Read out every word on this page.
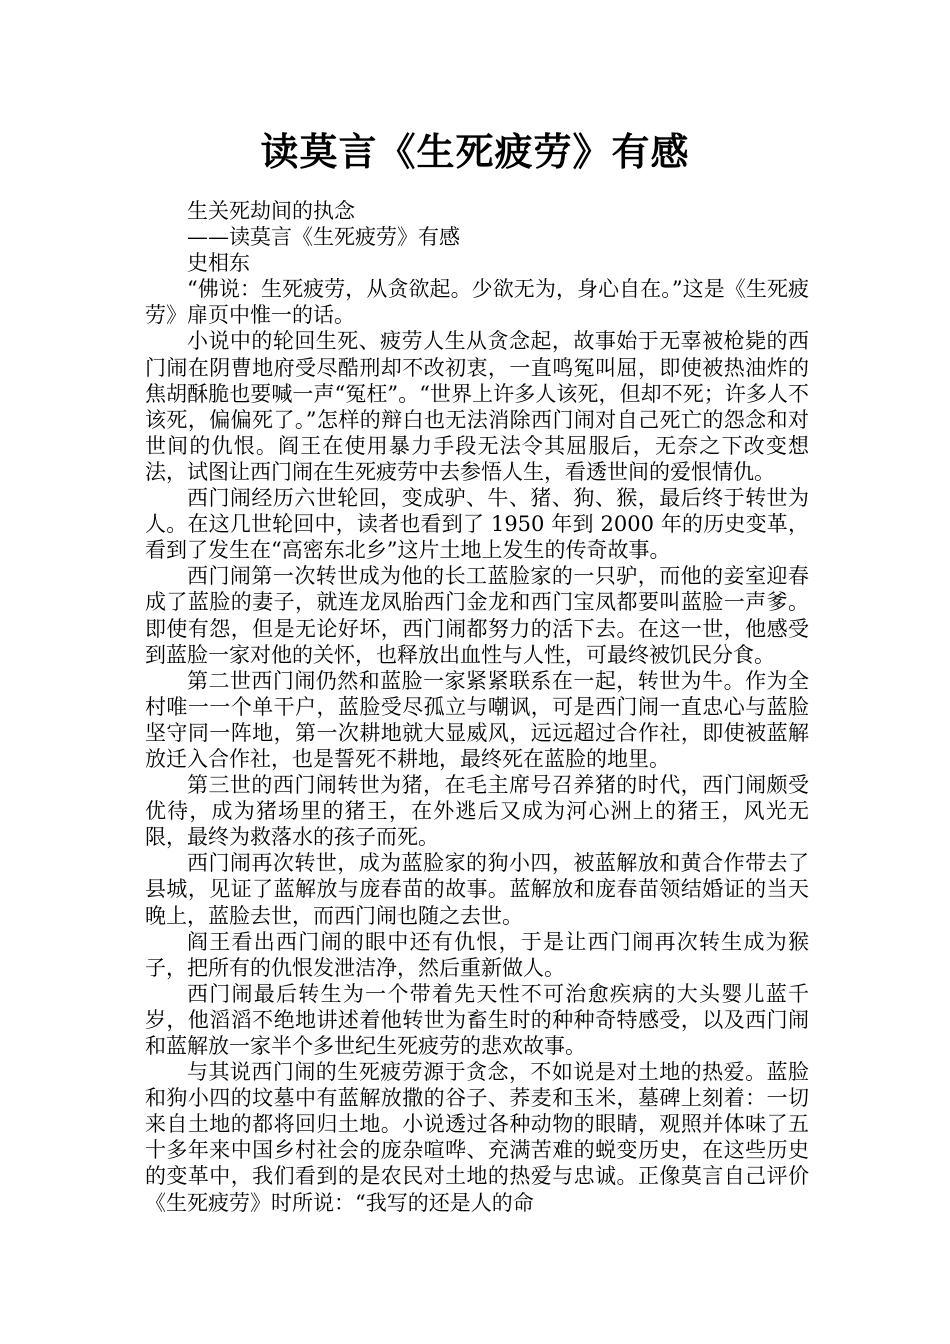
读莫言《生死疲劳》有感

生关死劫间的执念

——读莫言《生死疲劳》有感

史相东

“佛说：生死疲劳，从贪欲起。少欲无为，身心自在。”这是《生死疲劳》扉页中惟一的话。

小说中的轮回生死、疲劳人生从贪念起，故事始于无辜被枪毙的西门闹在阴曹地府受尽酷刑却不改初衷，一直鸣冤叫屈，即使被热油炸的焦胡酥脆也要喊一声“冤枉”。“世界上许多人该死，但却不死；许多人不该死，偏偏死了。”怎样的辩白也无法消除西门闹对自己死亡的怨念和对世间的仇恨。阎王在使用暴力手段无法令其屈服后，无奈之下改变想法，试图让西门闹在生死疲劳中去参悟人生，看透世间的爱恨情仇。

西门闹经历六世轮回，变成驴、牛、猪、狗、猴，最后终于转世为人。在这几世轮回中，读者也看到了 1950 年到 2000 年的历史变革，看到了发生在“高密东北乡”这片土地上发生的传奇故事。

西门闹第一次转世成为他的长工蓝脸家的一只驴，而他的妾室迎春成了蓝脸的妻子，就连龙凤胎西门金龙和西门宝凤都要叫蓝脸一声爹。即使有怨，但是无论好坏，西门闹都努力的活下去。在这一世，他感受到蓝脸一家对他的关怀，也释放出血性与人性，可最终被饥民分食。

第二世西门闹仍然和蓝脸一家紧紧联系在一起，转世为牛。作为全村唯一一个单干户，蓝脸受尽孤立与嘲讽，可是西门闹一直忠心与蓝脸坚守同一阵地，第一次耕地就大显威风，远远超过合作社，即使被蓝解放迁入合作社，也是誓死不耕地，最终死在蓝脸的地里。

第三世的西门闹转世为猪，在毛主席号召养猪的时代，西门闹颇受优待，成为猪场里的猪王，在外逃后又成为河心洲上的猪王，风光无限，最终为救落水的孩子而死。

西门闹再次转世，成为蓝脸家的狗小四，被蓝解放和黄合作带去了县城，见证了蓝解放与庞春苗的故事。蓝解放和庞春苗领结婚证的当天晚上，蓝脸去世，而西门闹也随之去世。

阎王看出西门闹的眼中还有仇恨，于是让西门闹再次转生成为猴子，把所有的仇恨发泄洁净，然后重新做人。

西门闹最后转生为一个带着先天性不可治愈疾病的大头婴儿蓝千岁，他滔滔不绝地讲述着他转世为畜生时的种种奇特感受，以及西门闹和蓝解放一家半个多世纪生死疲劳的悲欢故事。

与其说西门闹的生死疲劳源于贪念，不如说是对土地的热爱。蓝脸和狗小四的坟墓中有蓝解放撒的谷子、荞麦和玉米，墓碑上刻着：一切来自土地的都将回归土地。小说透过各种动物的眼睛，观照并体味了五十多年来中国乡村社会的庞杂喧哗、充满苦难的蜕变历史，在这些历史的变革中，我们看到的是农民对土地的热爱与忠诚。正像莫言自己评价《生死疲劳》时所说：“我写的还是人的命
